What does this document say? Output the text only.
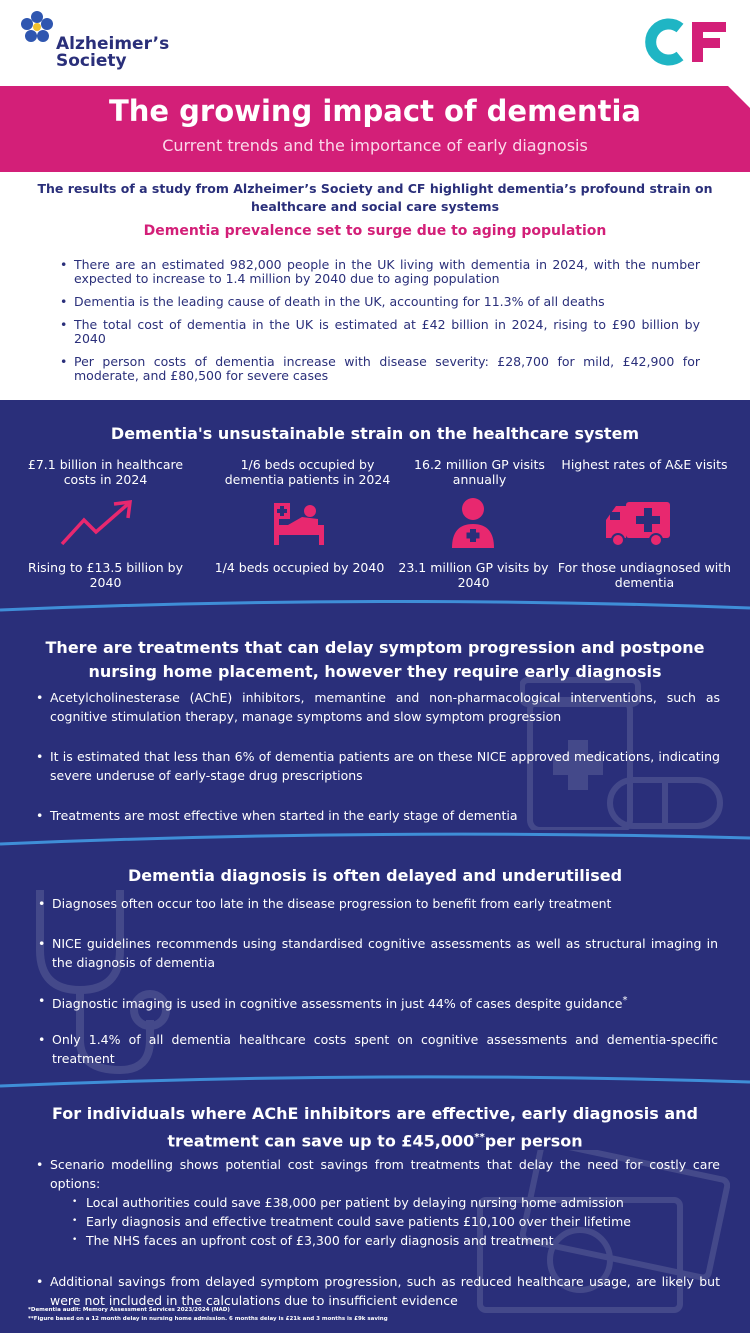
Alzheimer’s
Society
The growing impact of dementia
Current trends and the importance of early diagnosis
The results of a study from Alzheimer’s Society and CF highlight dementia’s profound strain on healthcare and social care systems
Dementia prevalence set to surge due to aging population
• There are an estimated 982,000 people in the UK living with dementia in 2024, with the number expected to increase to 1.4 million by 2040 due to aging population
• Dementia is the leading cause of death in the UK, accounting for 11.3% of all deaths
• The total cost of dementia in the UK is estimated at £42 billion in 2024, rising to £90 billion by 2040
• Per person costs of dementia increase with disease severity: £28,700 for mild, £42,900 for moderate, and £80,500 for severe cases
Dementia's unsustainable strain on the healthcare system
£7.1 billion in healthcare costs in 2024
1/6 beds occupied by dementia patients in 2024
16.2 million GP visits annually
Highest rates of A&E visits
Rising to £13.5 billion by 2040
1/4 beds occupied by 2040	23.1 million GP visits by 2040
For those undiagnosed with dementia
There are treatments that can delay symptom progression and postpone nursing home placement, however they require early diagnosis
• Acetylcholinesterase (AChE) inhibitors, memantine and non-pharmacological interventions, such as cognitive stimulation therapy, manage symptoms and slow symptom progression
• It is estimated that less than 6% of dementia patients are on these NICE approved medications, indicating severe underuse of early-stage drug prescriptions
• Treatments are most effective when started in the early stage of dementia
Dementia diagnosis is often delayed and underutilised
• Diagnoses often occur too late in the disease progression to benefit from early treatment
• NICE guidelines recommends using standardised cognitive assessments as well as structural imaging in the diagnosis of dementia
• Diagnostic imaging is used in cognitive assessments in just 44% of cases despite guidance*
• Only 1.4% of all dementia healthcare costs spent on cognitive assessments and dementia-specific treatment
For individuals where AChE inhibitors are effective, early diagnosis and treatment can save up to £45,000**per person
• Scenario modelling shows potential cost savings from treatments that delay the need for costly care options:
• Local authorities could save £38,000 per patient by delaying nursing home admission
• Early diagnosis and effective treatment could save patients £10,100 over their lifetime
• The NHS faces an upfront cost of £3,300 for early diagnosis and treatment
• Additional savings from delayed symptom progression, such as reduced healthcare usage, are likely but were not included in the calculations due to insufficient evidence
*Dementia audit: Memory Assessment Services 2023/2024 (NAD)
**Figure based on a 12 month delay in nursing home admission. 6 months delay is £21k and 3 months is £9k saving
